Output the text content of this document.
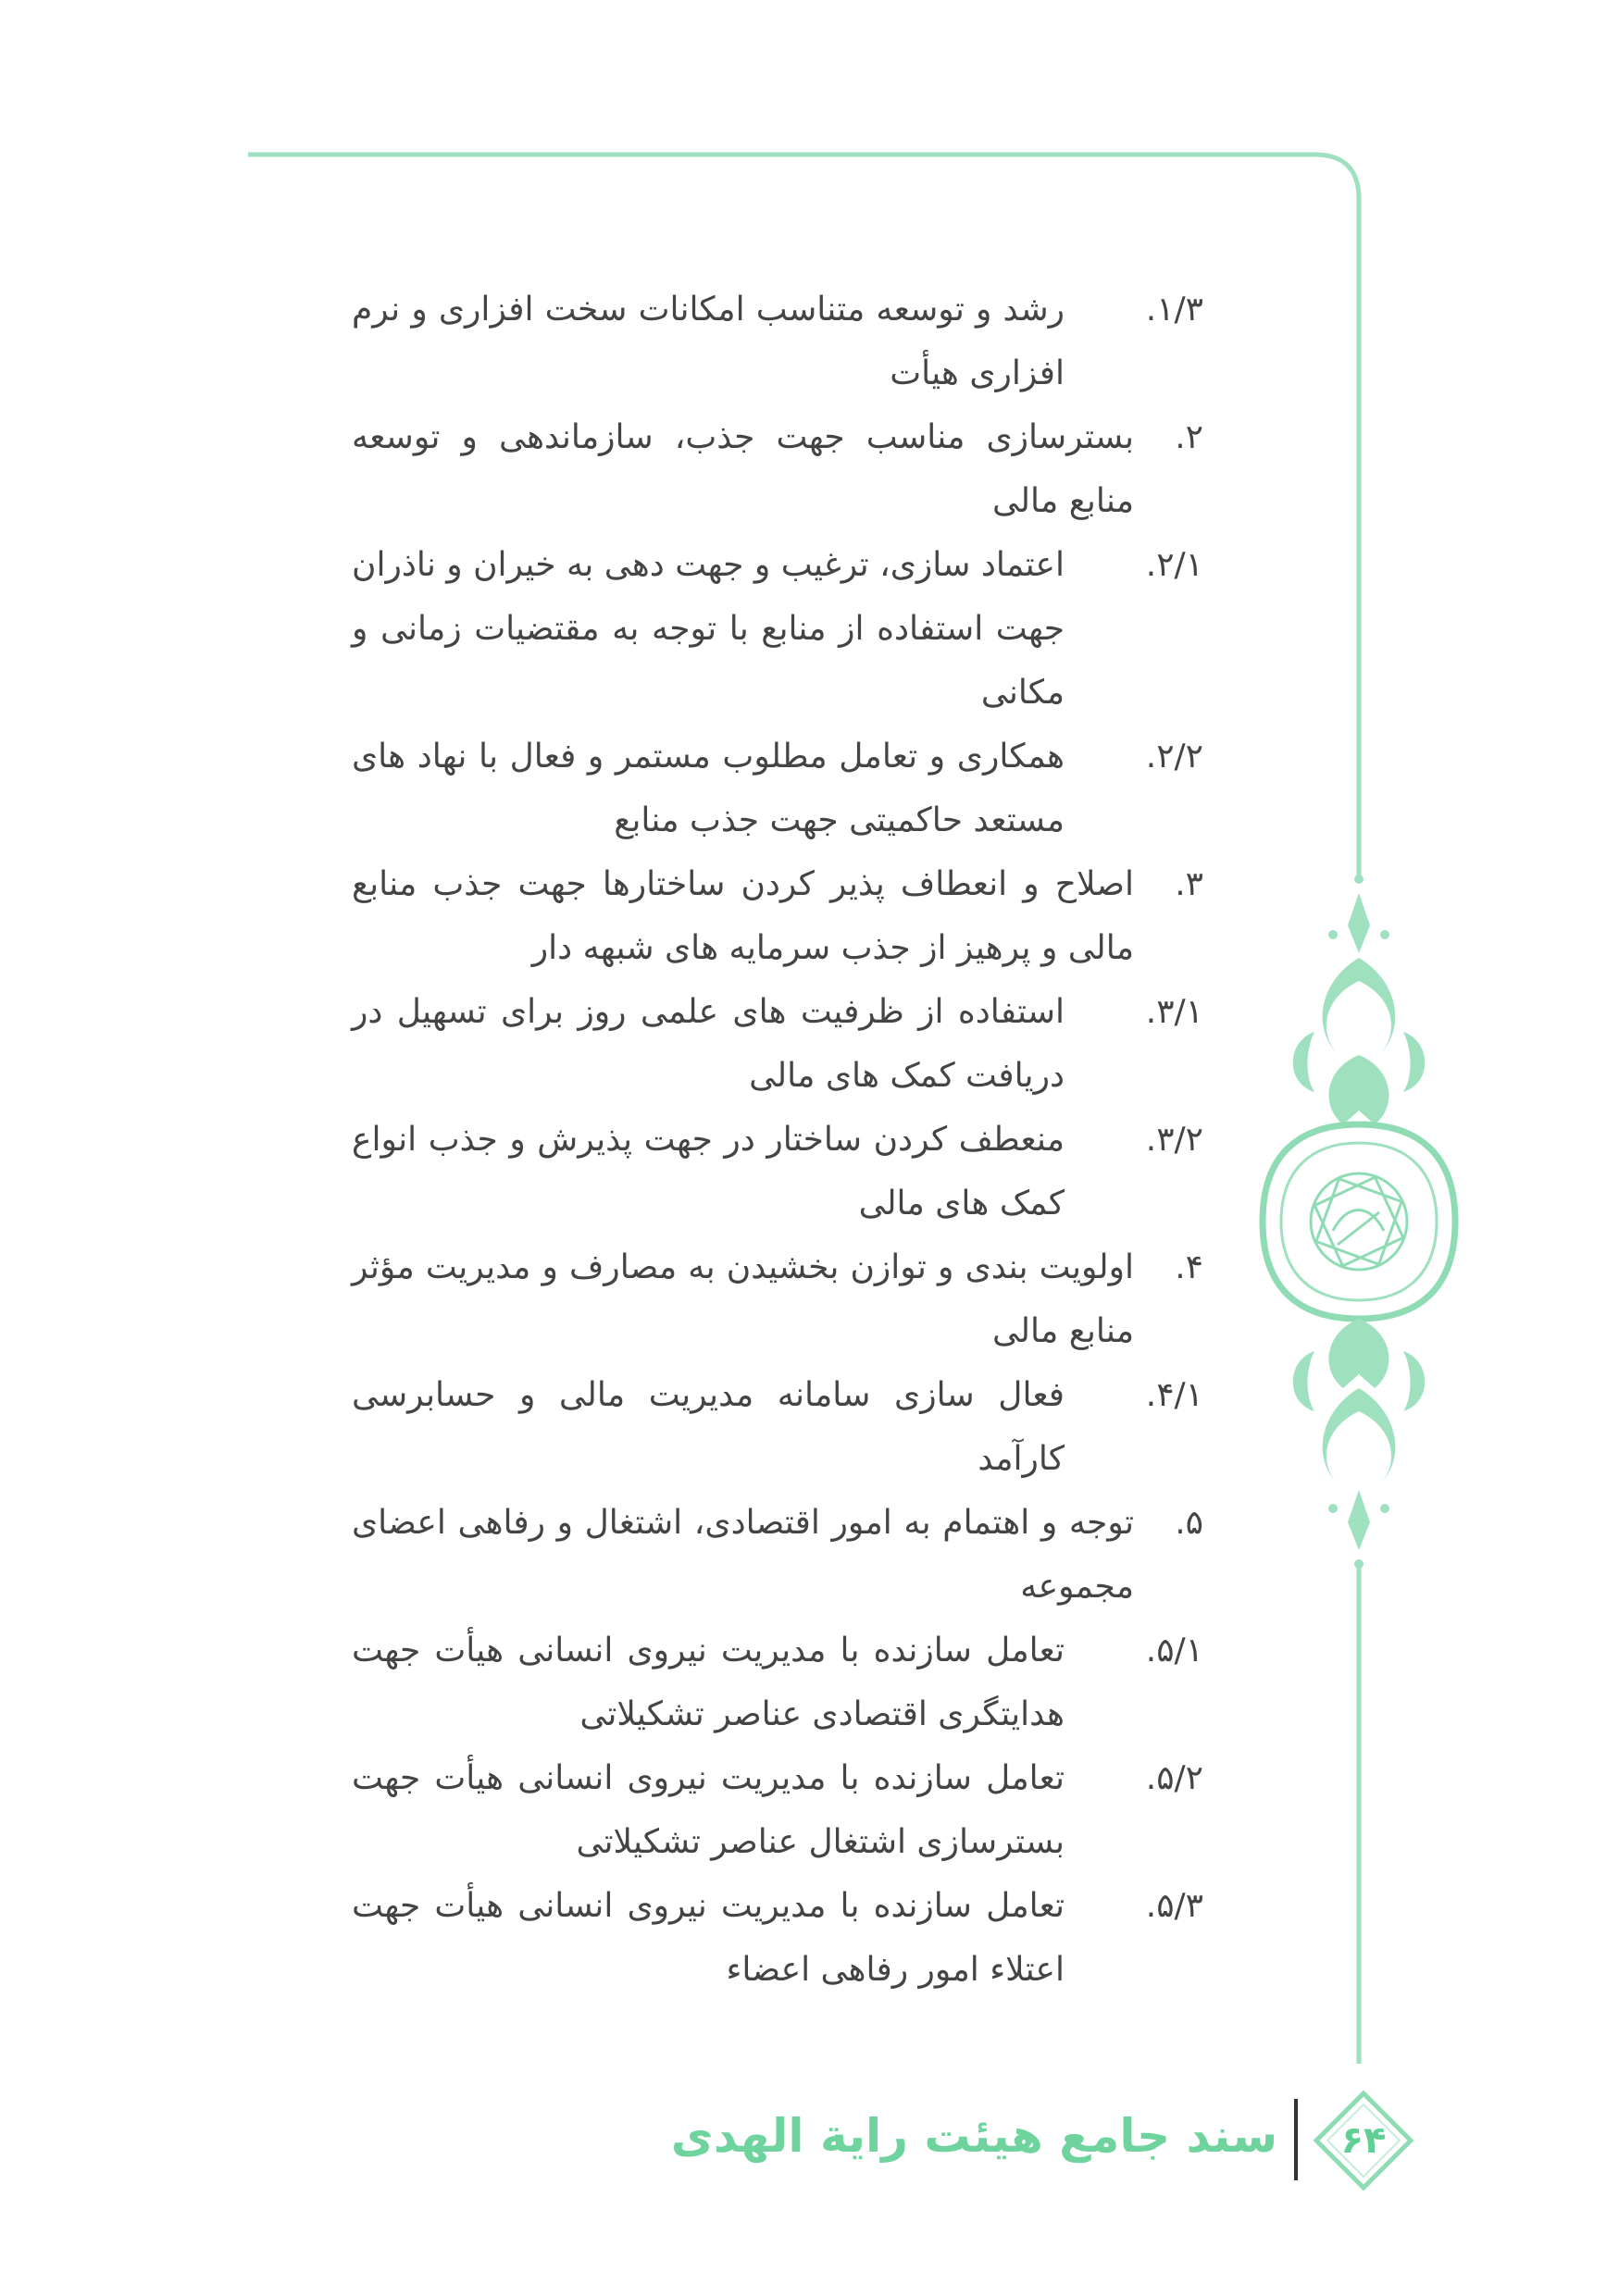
۱/۳.
رشد و توسعه متناسب امکانات سخت افزاری و نرم افزاری هیأت
۲.
بسترسازی مناسب جهت جذب، سازماندهی و توسعه منابع مالی
۲/۱.
اعتماد سازی، ترغیب و جهت دهی به خیران و ناذران جهت استفاده از منابع با توجه به مقتضیات زمانی و مکانی
۲/۲.
همکاری و تعامل مطلوب مستمر و فعال با نهاد های مستعد حاکمیتی جهت جذب منابع
۳.
اصلاح و انعطاف پذیر کردن ساختارها جهت جذب منابع مالی و پرهیز از جذب سرمایه های شبهه دار
۳/۱.
استفاده از ظرفیت های علمی روز برای تسهیل در دریافت کمک های مالی
۳/۲.
منعطف کردن ساختار در جهت پذیرش و جذب انواع کمک های مالی
۴.
اولویت بندی و توازن بخشیدن به مصارف و مدیریت مؤثر منابع مالی
۴/۱.
فعال سازی سامانه مدیریت مالی و حسابرسی کارآمد
۵.
توجه و اهتمام به امور اقتصادی، اشتغال و رفاهی اعضای مجموعه
۵/۱.
تعامل سازنده با مدیریت نیروی انسانی هیأت جهت هدایتگری اقتصادی عناصر تشکیلاتی
۵/۲.
تعامل سازنده با مدیریت نیروی انسانی هیأت جهت بسترسازی اشتغال عناصر تشکیلاتی
۵/۳.
تعامل سازنده با مدیریت نیروی انسانی هیأت جهت اعتلاء امور رفاهی اعضاء
سند جامع هیئت رایة الهدی	۶۴
